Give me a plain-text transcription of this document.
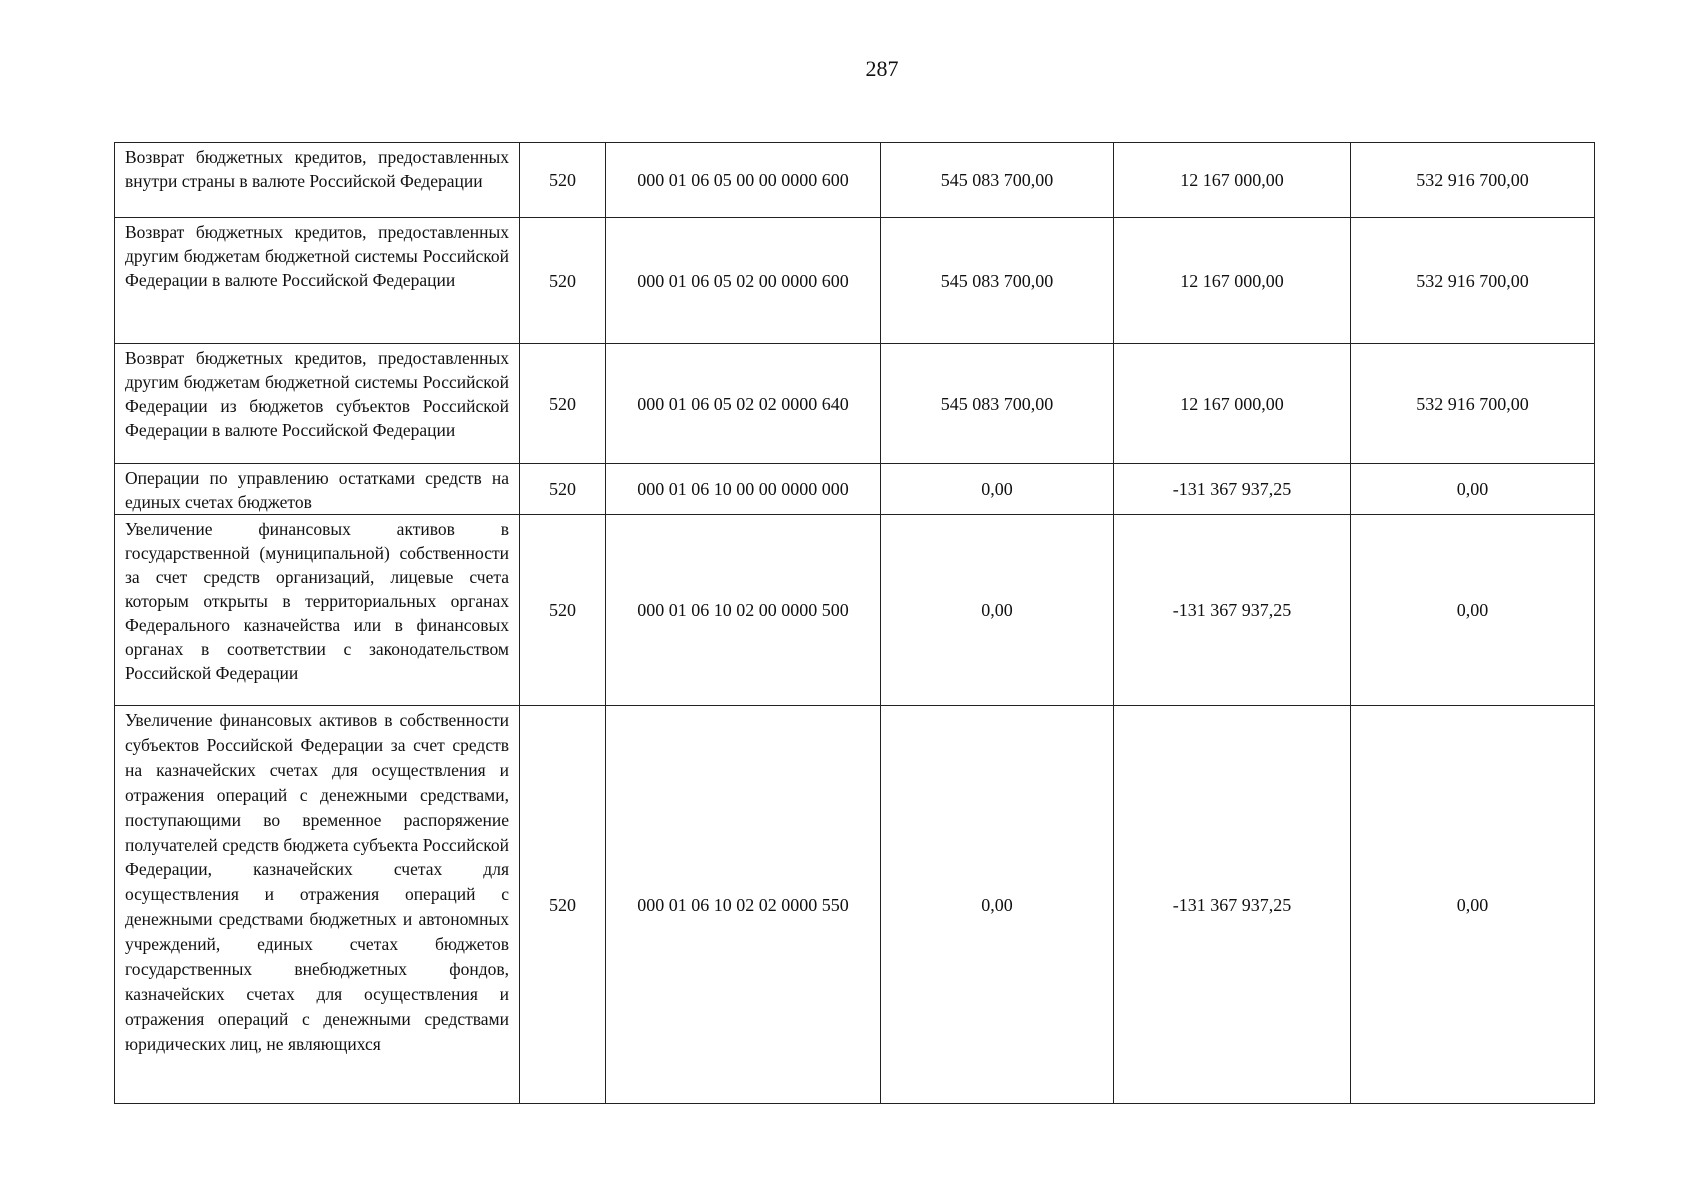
287
Возврат бюджетных кредитов, предоставленных внутри страны в валюте Российской Федерации	520	000 01 06 05 00 00 0000 600	545 083 700,00	12 167 000,00	532 916 700,00
Возврат бюджетных кредитов, предоставленных другим бюджетам бюджетной системы Российской Федерации в валюте Российской Федерации	520	000 01 06 05 02 00 0000 600	545 083 700,00	12 167 000,00	532 916 700,00
Возврат бюджетных кредитов, предоставленных другим бюджетам бюджетной системы Российской Федерации из бюджетов субъектов Российской Федерации в валюте Российской Федерации	520	000 01 06 05 02 02 0000 640	545 083 700,00	12 167 000,00	532 916 700,00
Операции по управлению остатками средств на единых счетах бюджетов	520	000 01 06 10 00 00 0000 000	0,00	-131 367 937,25	0,00
Увеличение финансовых активов в государственной (муниципальной) собственности за счет средств организаций, лицевые счета которым открыты в территориальных органах Федерального казначейства или в финансовых органах в соответствии с законодательством Российской Федерации	520	000 01 06 10 02 00 0000 500	0,00	-131 367 937,25	0,00
Увеличение финансовых активов в собственности субъектов Российской Федерации за счет средств на казначейских счетах для осуществления и отражения операций с денежными средствами, поступающими во временное распоряжение получателей средств бюджета субъекта Российской Федерации, казначейских счетах для осуществления и отражения операций с денежными средствами бюджетных и автономных учреждений, единых счетах бюджетов государственных внебюджетных фондов, казначейских счетах для осуществления и отражения операций с денежными средствами юридических лиц, не являющихся	520	000 01 06 10 02 02 0000 550	0,00	-131 367 937,25	0,00
